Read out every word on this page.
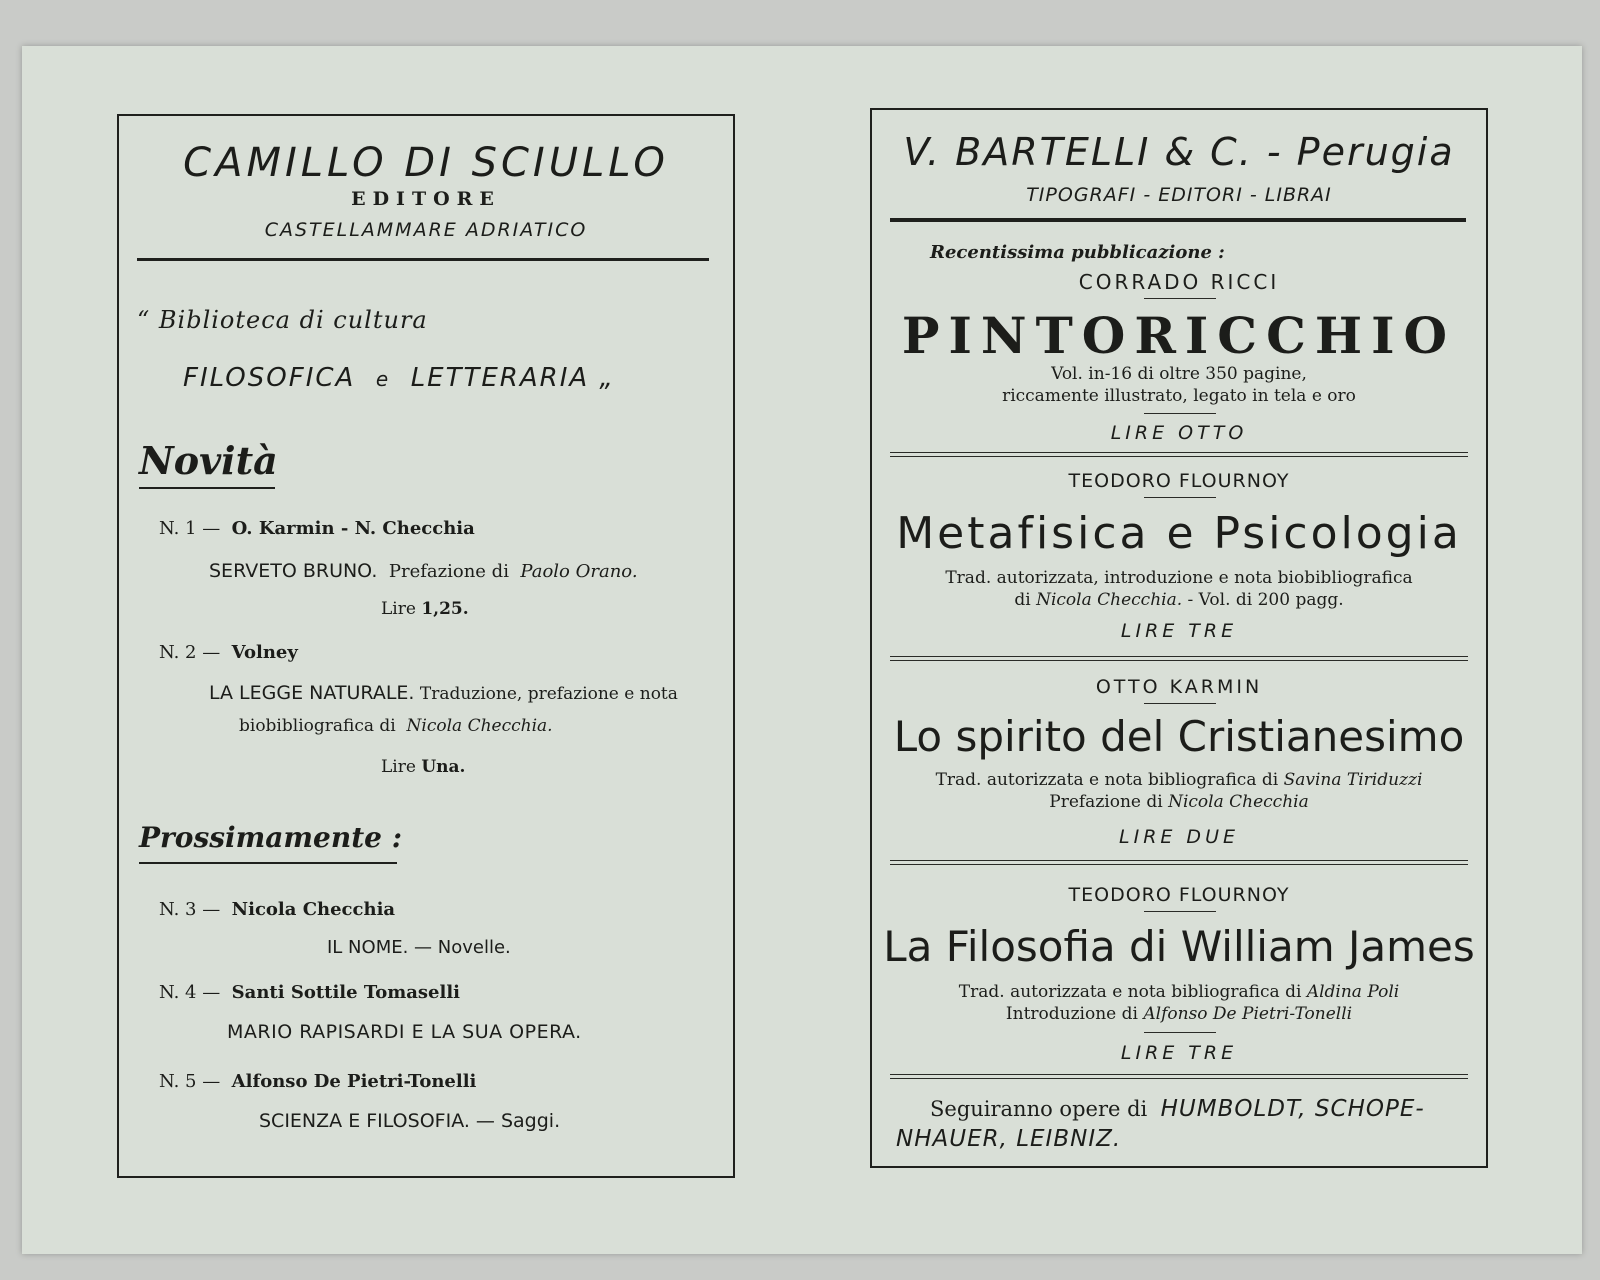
CAMILLO DI SCIULLO
EDITORE
CASTELLAMMARE ADRIATICO
“ Biblioteca di cultura
FILOSOFICA e LETTERARIA „
Novità
N. 1 — O. Karmin - N. Checchia
SERVETO BRUNO. Prefazione di Paolo Orano.
Lire 1,25.
N. 2 — Volney
LA LEGGE NATURALE. Traduzione, prefazione e nota
biobibliografica di Nicola Checchia.
Lire Una.
Prossimamente :
N. 3 — Nicola Checchia
IL NOME. — Novelle.
N. 4 — Santi Sottile Tomaselli
MARIO RAPISARDI E LA SUA OPERA.
N. 5 — Alfonso De Pietri-Tonelli
SCIENZA E FILOSOFIA. — Saggi.
V. BARTELLI & C. - Perugia
TIPOGRAFI - EDITORI - LIBRAI
Recentissima pubblicazione :
CORRADO RICCI
PINTORICCHIO
Vol. in-16 di oltre 350 pagine,
riccamente illustrato, legato in tela e oro
LIRE OTTO
TEODORO FLOURNOY
Metafisica e Psicologia
Trad. autorizzata, introduzione e nota biobibliografica
di Nicola Checchia. - Vol. di 200 pagg.
LIRE TRE
OTTO KARMIN
Lo spirito del Cristianesimo
Trad. autorizzata e nota bibliografica di Savina Tiriduzzi
Prefazione di Nicola Checchia
LIRE DUE
TEODORO FLOURNOY
La Filosofia di William James
Trad. autorizzata e nota bibliografica di Aldina Poli
Introduzione di Alfonso De Pietri-Tonelli
LIRE TRE
Seguiranno opere di HUMBOLDT, SCHOPE-
NHAUER, LEIBNIZ.
